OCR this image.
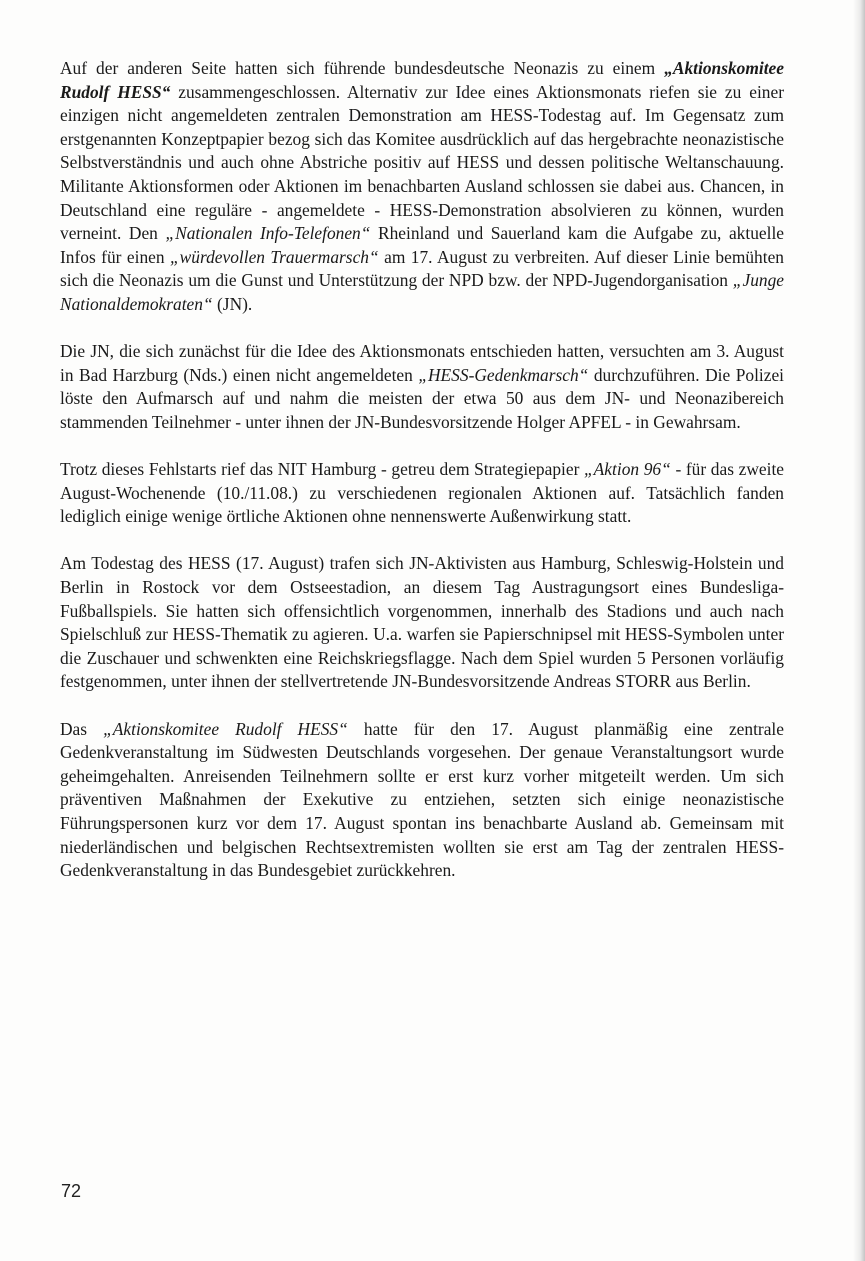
Auf der anderen Seite hatten sich führende bundesdeutsche Neonazis zu einem „Aktionskomitee Rudolf HESS“ zusammengeschlossen. Alternativ zur Idee eines Aktionsmonats riefen sie zu einer einzigen nicht angemeldeten zentralen Demonstration am HESS-Todestag auf. Im Gegensatz zum erstgenannten Konzeptpapier bezog sich das Komitee ausdrücklich auf das hergebrachte neonazistische Selbstverständnis und auch ohne Abstriche positiv auf HESS und dessen politische Weltanschauung. Militante Aktionsformen oder Aktionen im benachbarten Ausland schlossen sie dabei aus. Chancen, in Deutschland eine reguläre - angemeldete - HESS-Demonstration absolvieren zu können, wurden verneint. Den „Nationalen Info-Telefonen“ Rheinland und Sauerland kam die Aufgabe zu, aktuelle Infos für einen „würdevollen Trauermarsch“ am 17. August zu verbreiten. Auf dieser Linie bemühten sich die Neonazis um die Gunst und Unterstützung der NPD bzw. der NPD-Jugendorganisation „Junge Nationaldemokraten“ (JN).

Die JN, die sich zunächst für die Idee des Aktionsmonats entschieden hatten, versuchten am 3. August in Bad Harzburg (Nds.) einen nicht angemeldeten „HESS-Gedenkmarsch“ durchzuführen. Die Polizei löste den Aufmarsch auf und nahm die meisten der etwa 50 aus dem JN- und Neonazibereich stammenden Teilnehmer - unter ihnen der JN-Bundesvorsitzende Holger APFEL - in Gewahrsam.

Trotz dieses Fehlstarts rief das NIT Hamburg - getreu dem Strategiepapier „Aktion 96“ - für das zweite August-Wochenende (10./11.08.) zu verschiedenen regionalen Aktionen auf. Tatsächlich fanden lediglich einige wenige örtliche Aktionen ohne nennenswerte Außenwirkung statt.

Am Todestag des HESS (17. August) trafen sich JN-Aktivisten aus Hamburg, Schleswig-Holstein und Berlin in Rostock vor dem Ostseestadion, an diesem Tag Austragungsort eines Bundesliga-Fußballspiels. Sie hatten sich offensichtlich vorgenommen, innerhalb des Stadions und auch nach Spielschluß zur HESS-Thematik zu agieren. U.a. warfen sie Papierschnipsel mit HESS-Symbolen unter die Zuschauer und schwenkten eine Reichskriegsflagge. Nach dem Spiel wurden 5 Personen vorläufig festgenommen, unter ihnen der stellvertretende JN-Bundesvorsitzende Andreas STORR aus Berlin.

Das „Aktionskomitee Rudolf HESS“ hatte für den 17. August planmäßig eine zentrale Gedenkveranstaltung im Südwesten Deutschlands vorgesehen. Der genaue Veranstaltungsort wurde geheimgehalten. Anreisenden Teilnehmern sollte er erst kurz vorher mitgeteilt werden. Um sich präventiven Maßnahmen der Exekutive zu entziehen, setzten sich einige neonazistische Führungspersonen kurz vor dem 17. August spontan ins benachbarte Ausland ab. Gemeinsam mit niederländischen und belgischen Rechtsextremisten wollten sie erst am Tag der zentralen HESS-Gedenkveranstaltung in das Bundesgebiet zurückkehren.

72
